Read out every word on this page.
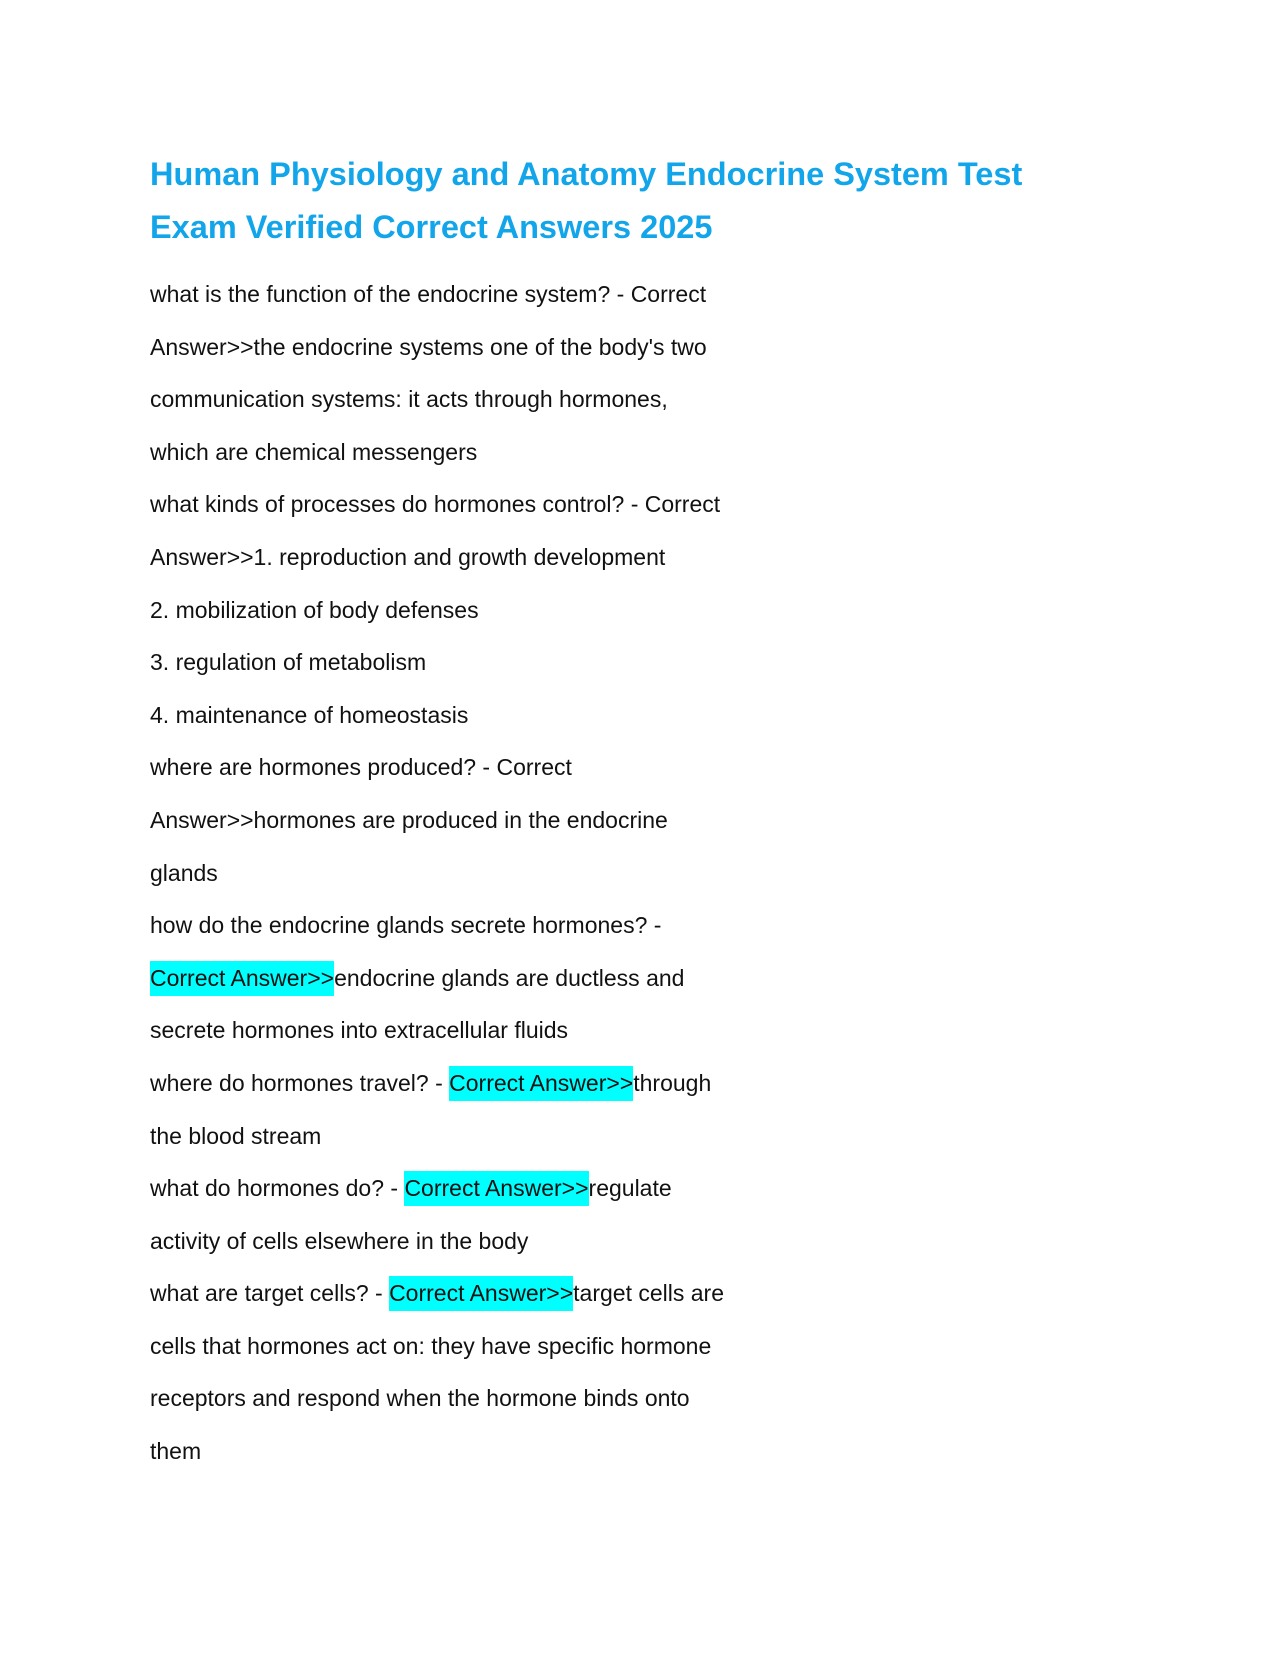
Human Physiology and Anatomy Endocrine System Test
Exam Verified Correct Answers 2025
what is the function of the endocrine system? - Correct
Answer>>the endocrine systems one of the body's two
communication systems: it acts through hormones,
which are chemical messengers
what kinds of processes do hormones control? - Correct
Answer>>1. reproduction and growth development
2. mobilization of body defenses
3. regulation of metabolism
4. maintenance of homeostasis
where are hormones produced? - Correct
Answer>>hormones are produced in the endocrine
glands
how do the endocrine glands secrete hormones? -
Correct Answer>>endocrine glands are ductless and
secrete hormones into extracellular fluids
where do hormones travel? - Correct Answer>>through
the blood stream
what do hormones do? - Correct Answer>>regulate
activity of cells elsewhere in the body
what are target cells? - Correct Answer>>target cells are
cells that hormones act on: they have specific hormone
receptors and respond when the hormone binds onto
them
